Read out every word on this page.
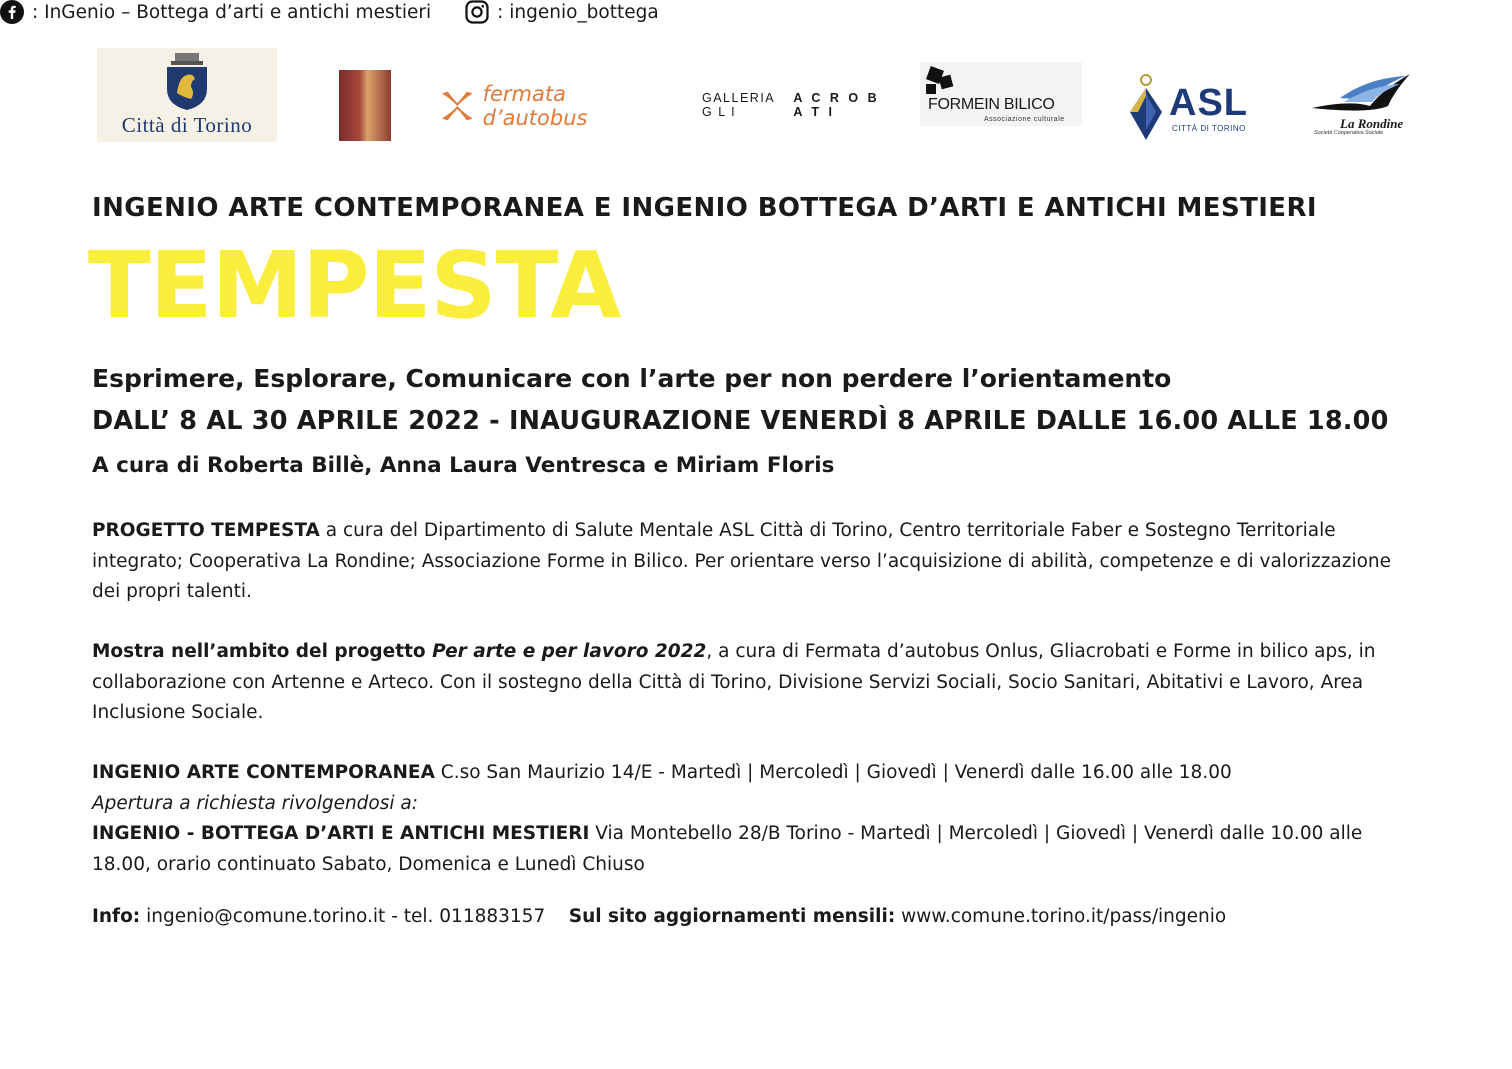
Città di Torino
fermata d’autobus
GALLERIA G L I

A C R O B A T I	FORMEIN BILICO
Associazione culturale	ASL
CITTÀ DI TORINO	La Rondine
Società Cooperativa Sociale
INGENIO ARTE CONTEMPORANEA E INGENIO BOTTEGA D’ARTI E ANTICHI MESTIERI
TEMPESTA
Esprimere, Esplorare, Comunicare con l’arte per non perdere l’orientamento
DALL’ 8 AL 30 APRILE 2022 - INAUGURAZIONE VENERDÌ 8 APRILE DALLE 16.00 ALLE 18.00
A cura di Roberta Billè, Anna Laura Ventresca e Miriam Floris
PROGETTO TEMPESTA a cura del Dipartimento di Salute Mentale ASL Città di Torino, Centro territoriale Faber e Sostegno Territoriale integrato; Cooperativa La Rondine; Associazione Forme in Bilico. Per orientare verso l’acquisizione di abilità, competenze e di valorizzazione dei propri talenti.
Mostra nell’ambito del progetto Per arte e per lavoro 2022, a cura di Fermata d’autobus Onlus, Gliacrobati e Forme in bilico aps, in collaborazione con Artenne e Arteco. Con il sostegno della Città di Torino, Divisione Servizi Sociali, Socio Sanitari, Abitativi e Lavoro, Area Inclusione Sociale.
INGENIO ARTE CONTEMPORANEA C.so San Maurizio 14/E - Martedì | Mercoledì | Giovedì | Venerdì dalle 16.00 alle 18.00
Apertura a richiesta rivolgendosi a:
INGENIO - BOTTEGA D’ARTI E ANTICHI MESTIERI Via Montebello 28/B Torino - Martedì | Mercoledì | Giovedì | Venerdì dalle 10.00 alle 18.00, orario continuato Sabato, Domenica e Lunedì Chiuso
Info: ingenio@comune.torino.it - tel. 011883157 Sul sito aggiornamenti mensili: www.comune.torino.it/pass/ingenio
: InGenio – Bottega d’arti e antichi mestieri	: ingenio_bottega
